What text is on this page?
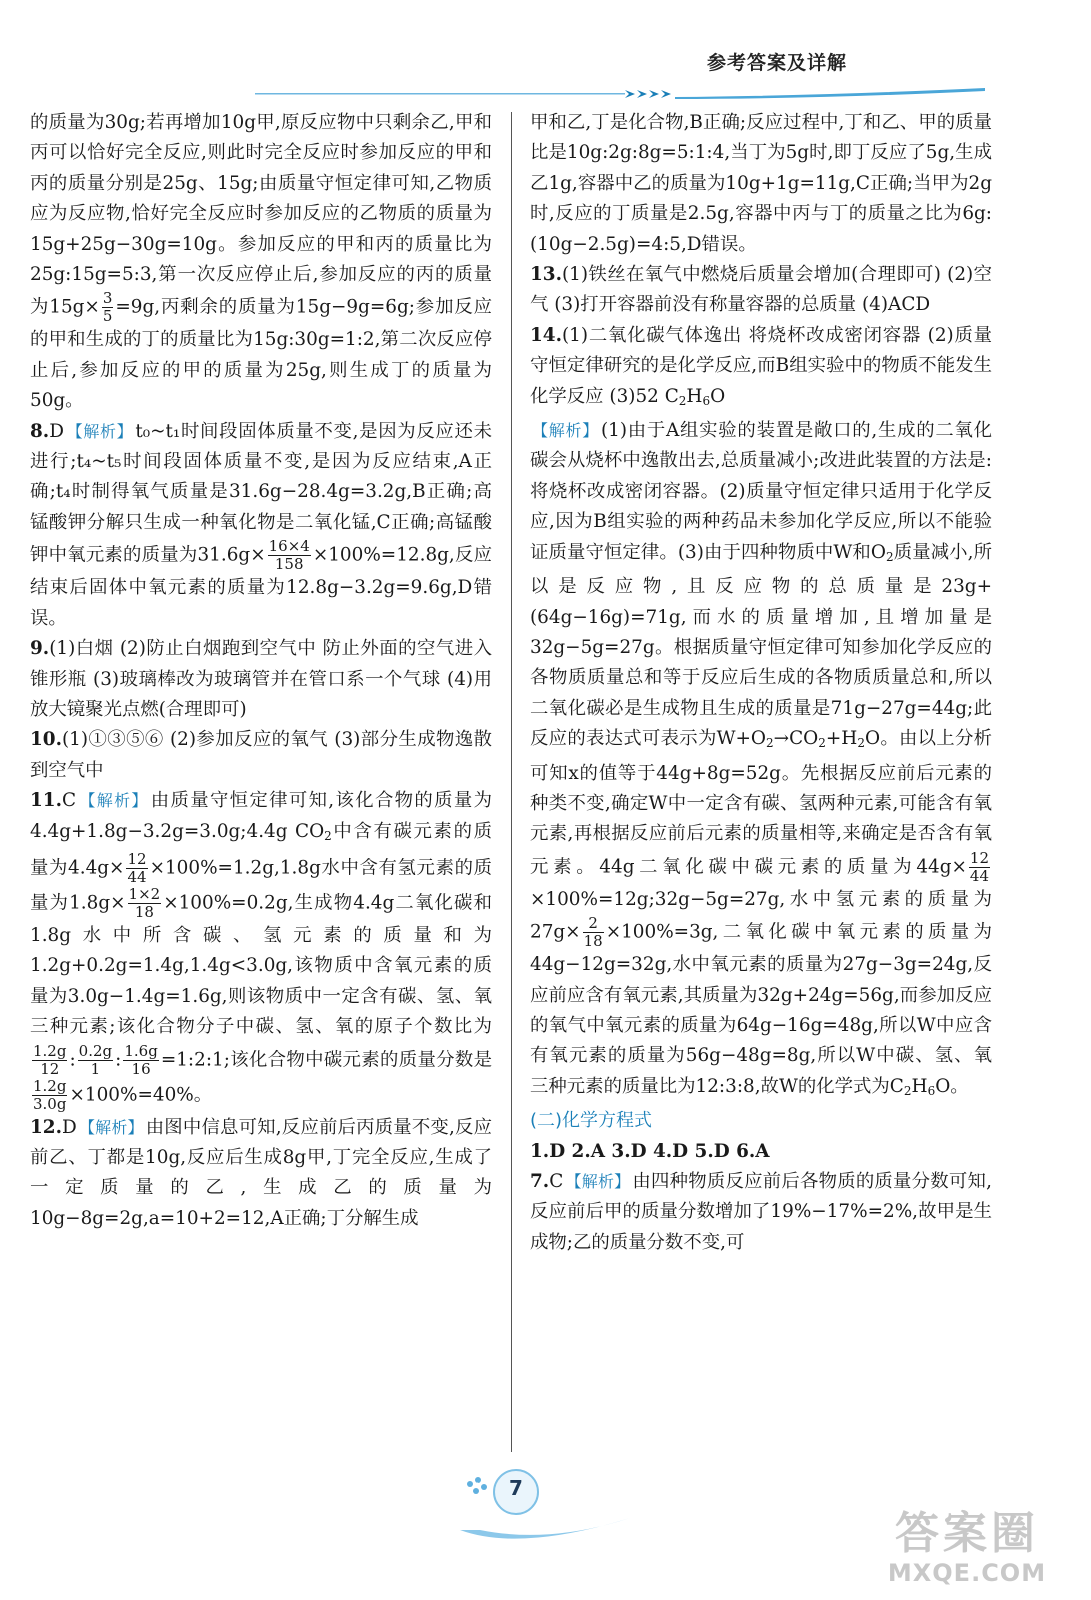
参考答案及详解

的质量为30g;若再增加10g甲,原反应物中只剩余乙,甲和丙可以恰好完全反应,则此时完全反应时参加反应的甲和丙的质量分别是25g、15g;由质量守恒定律可知,乙物质应为反应物,恰好完全反应时参加反应的乙物质的质量为15g+25g−30g=10g。参加反应的甲和丙的质量比为25g:15g=5:3,第一次反应停止后,参加反应的丙的质量为$15g\times \frac{3}{5} =9g$,丙剩余的质量为15g−9g=6g;参加反应的甲和生成的丁的质量比为15g:30g=1:2,第二次反应停止后,参加反应的甲的质量为25g,则生成丁的质量为50g。

8.D 【解析】 t₀~t₁时间段固体质量不变,是因为反应还未进行;t₄~t₅时间段固体质量不变,是因为反应结束,A正确;t₄时制得氧气质量是31.6g−28.4g=3.2g,B正确;高锰酸钾分解只生成一种氧化物是二氧化锰,C正确;高锰酸钾中氧元素的质量为$31.6g\times \frac{16\times 4}{158} \times 100\%=12.8g$,反应结束后固体中氧元素的质量为12.8g−3.2g=9.6g,D错误。

9.(1)白烟 (2)防止白烟跑到空气中 防止外面的空气进入锥形瓶 (3)玻璃棒改为玻璃管并在管口系一个气球 (4)用放大镜聚光点燃(合理即可)

10.(1)①③⑤⑥ (2)参加反应的氧气 (3)部分生成物逸散到空气中

11.C 【解析】 由质量守恒定律可知,该化合物的质量为4.4g+1.8g−3.2g=3.0g;4.4g $CO_2$中含有碳元素的质量为$4.4g\times \frac{12}{44} \times 100\%=1.2g,1.8g$水中含有氢元素的质量为$1.8g\times \frac{1\times 2}{18} \times 100\%=0.2g$,生成物4.4g二氧化碳和1.8g水中所含碳、氢元素的质量和为1.2g+0.2g=1.4g,1.4g<3.0g,该物质中含氧元素的质量为3.0g−1.4g=1.6g,则该物质中一定含有碳、氢、氧三种元素;该化合物分子中碳、氢、氧的原子个数比为
$\frac{1.2g}{12}$ : $\frac{0.2g}{1}$ : $\frac{1.6g}{16}$ =1:2:1;该化合物中碳元素的质量分数是
$\frac{1.2g}{3.0g} \times 100\%=40\%$。

12.D 【解析】 由图中信息可知,反应前后丙质量不变,反应前乙、丁都是10g,反应后生成8g甲,丁完全反应,生成了一定质量的乙,生成乙的质量为10g−8g=2g,a=10+2=12,A正确;丁分解生成

甲和乙,丁是化合物,B正确;反应过程中,丁和乙、甲的质量比是10g:2g:8g=5:1:4,当丁为5g时,即丁反应了5g,生成乙1g,容器中乙的质量为10g+1g=11g,C正确;当甲为2g时,反应的丁质量是2.5g,容器中丙与丁的质量之比为6g:(10g−2.5g)=4:5,D错误。

13.(1)铁丝在氧气中燃烧后质量会增加(合理即可) (2)空气 (3)打开容器前没有称量容器的总质量 (4)ACD

14.(1)二氧化碳气体逸出 将烧杯改成密闭容器 (2)质量守恒定律研究的是化学反应,而B组实验中的物质不能发生化学反应 (3)52 $C_2H_6O$

【解析】 (1)由于A组实验的装置是敞口的,生成的二氧化碳会从烧杯中逸散出去,总质量减小;改进此装置的方法是:将烧杯改成密闭容器。(2)质量守恒定律只适用于化学反应,因为B组实验的两种药品未参加化学反应,所以不能验证质量守恒定律。(3)由于四种物质中W和$O_2$质量减小,所以是反应物,且反应物的总质量是23g+(64g−16g)=71g,而水的质量增加,且增加量是32g−5g=27g。根据质量守恒定律可知参加化学反应的各物质质量总和等于反应后生成的各物质质量总和,所以二氧化碳必是生成物且生成的质量是71g−27g=44g;此反应的表达式可表示为$W+O_2\to CO_2+H_2O$。由以上分析可知x的值等于44g+8g=52g。先根据反应前后元素的种类不变,确定W中一定含有碳、氢两种元素,可能含有氧元素,再根据反应前后元素的质量相等,来确定是否含有氧元素。44g二氧化碳中碳元素的质量为$44g\times \frac{12}{44}$
×100%=12g;32g−5g=27g,水中氢元素的质量为$27g\times \frac{2}{18} \times 100\%=3g$,二氧化碳中氧元素的质量为44g−12g=32g,水中氧元素的质量为27g−3g=24g,反应前应含有氧元素,其质量为32g+24g=56g,而参加反应的氧气中氧元素的质量为64g−16g=48g,所以W中应含有氧元素的质量为56g−48g=8g,所以W中碳、氢、氧三种元素的质量比为12:3:8,故W的化学式为$C_2H_6O$。

(二)化学方程式

1.D 2.A 3.D 4.D 5.D 6.A

7.C 【解析】 由四种物质反应前后各物质的质量分数可知,反应前后甲的质量分数增加了19%−17%=2%,故甲是生成物;乙的质量分数不变,可

7
答案圈
MXQE.COM
